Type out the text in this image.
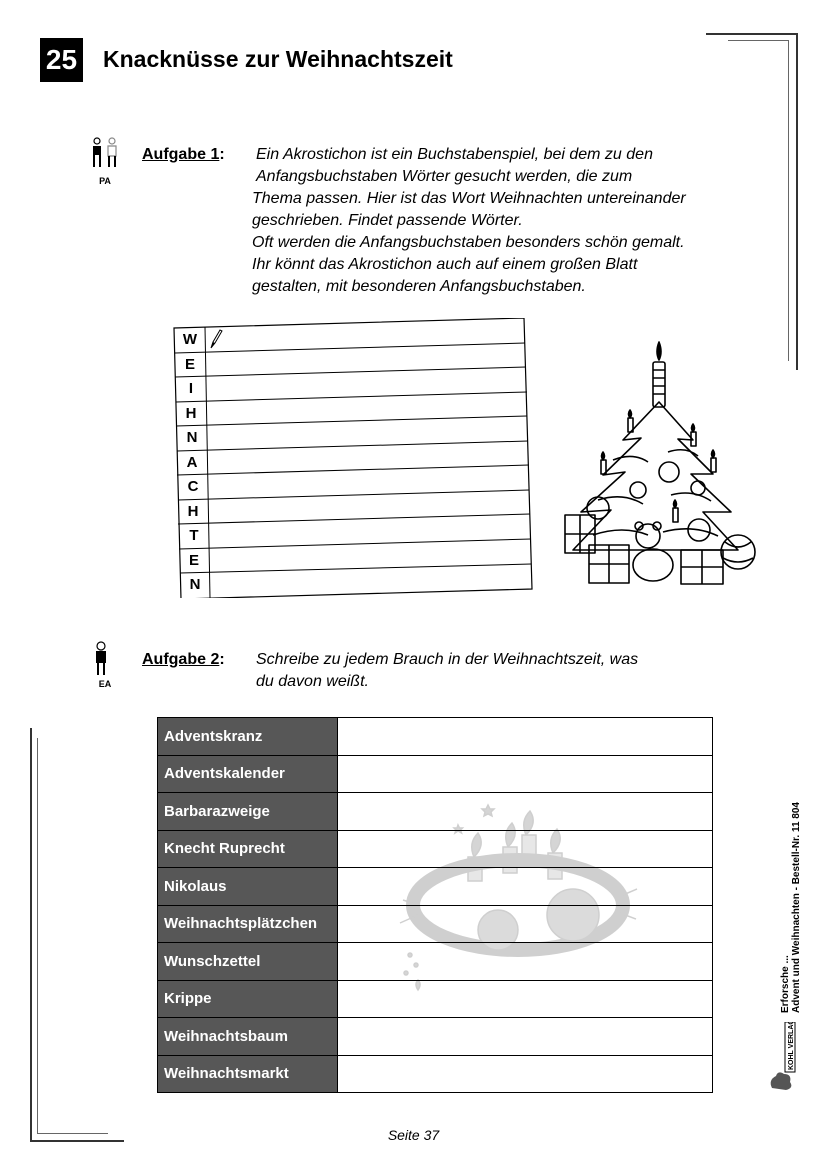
25 Knacknüsse zur Weihnachtszeit
PA
Aufgabe 1: Ein Akrostichon ist ein Buchstabenspiel, bei dem zu den
Anfangsbuchstaben Wörter gesucht werden, die zum
Thema passen. Hier ist das Wort Weihnachten untereinander
geschrieben. Findet passende Wörter.
Oft werden die Anfangsbuchstaben besonders schön gemalt.
Ihr könnt das Akrostichon auch auf einem großen Blatt
gestalten, mit besonderen Anfangsbuchstaben.
W
E
I
H
N
A
C
H
T
E
N
EA
Aufgabe 2: Schreibe zu jedem Brauch in der Weihnachtszeit, was
du davon weißt.
Adventskranz	
Adventskalender	
Barbarazweige	
Knecht Ruprecht	
Nikolaus	
Weihnachtsplätzchen	
Wunschzettel	
Krippe	
Weihnachtsbaum	
Weihnachtsmarkt	
Erforsche ... Advent und Weihnachten - Bestell-Nr. 11 804
KOHL VERLAG
Seite 37
